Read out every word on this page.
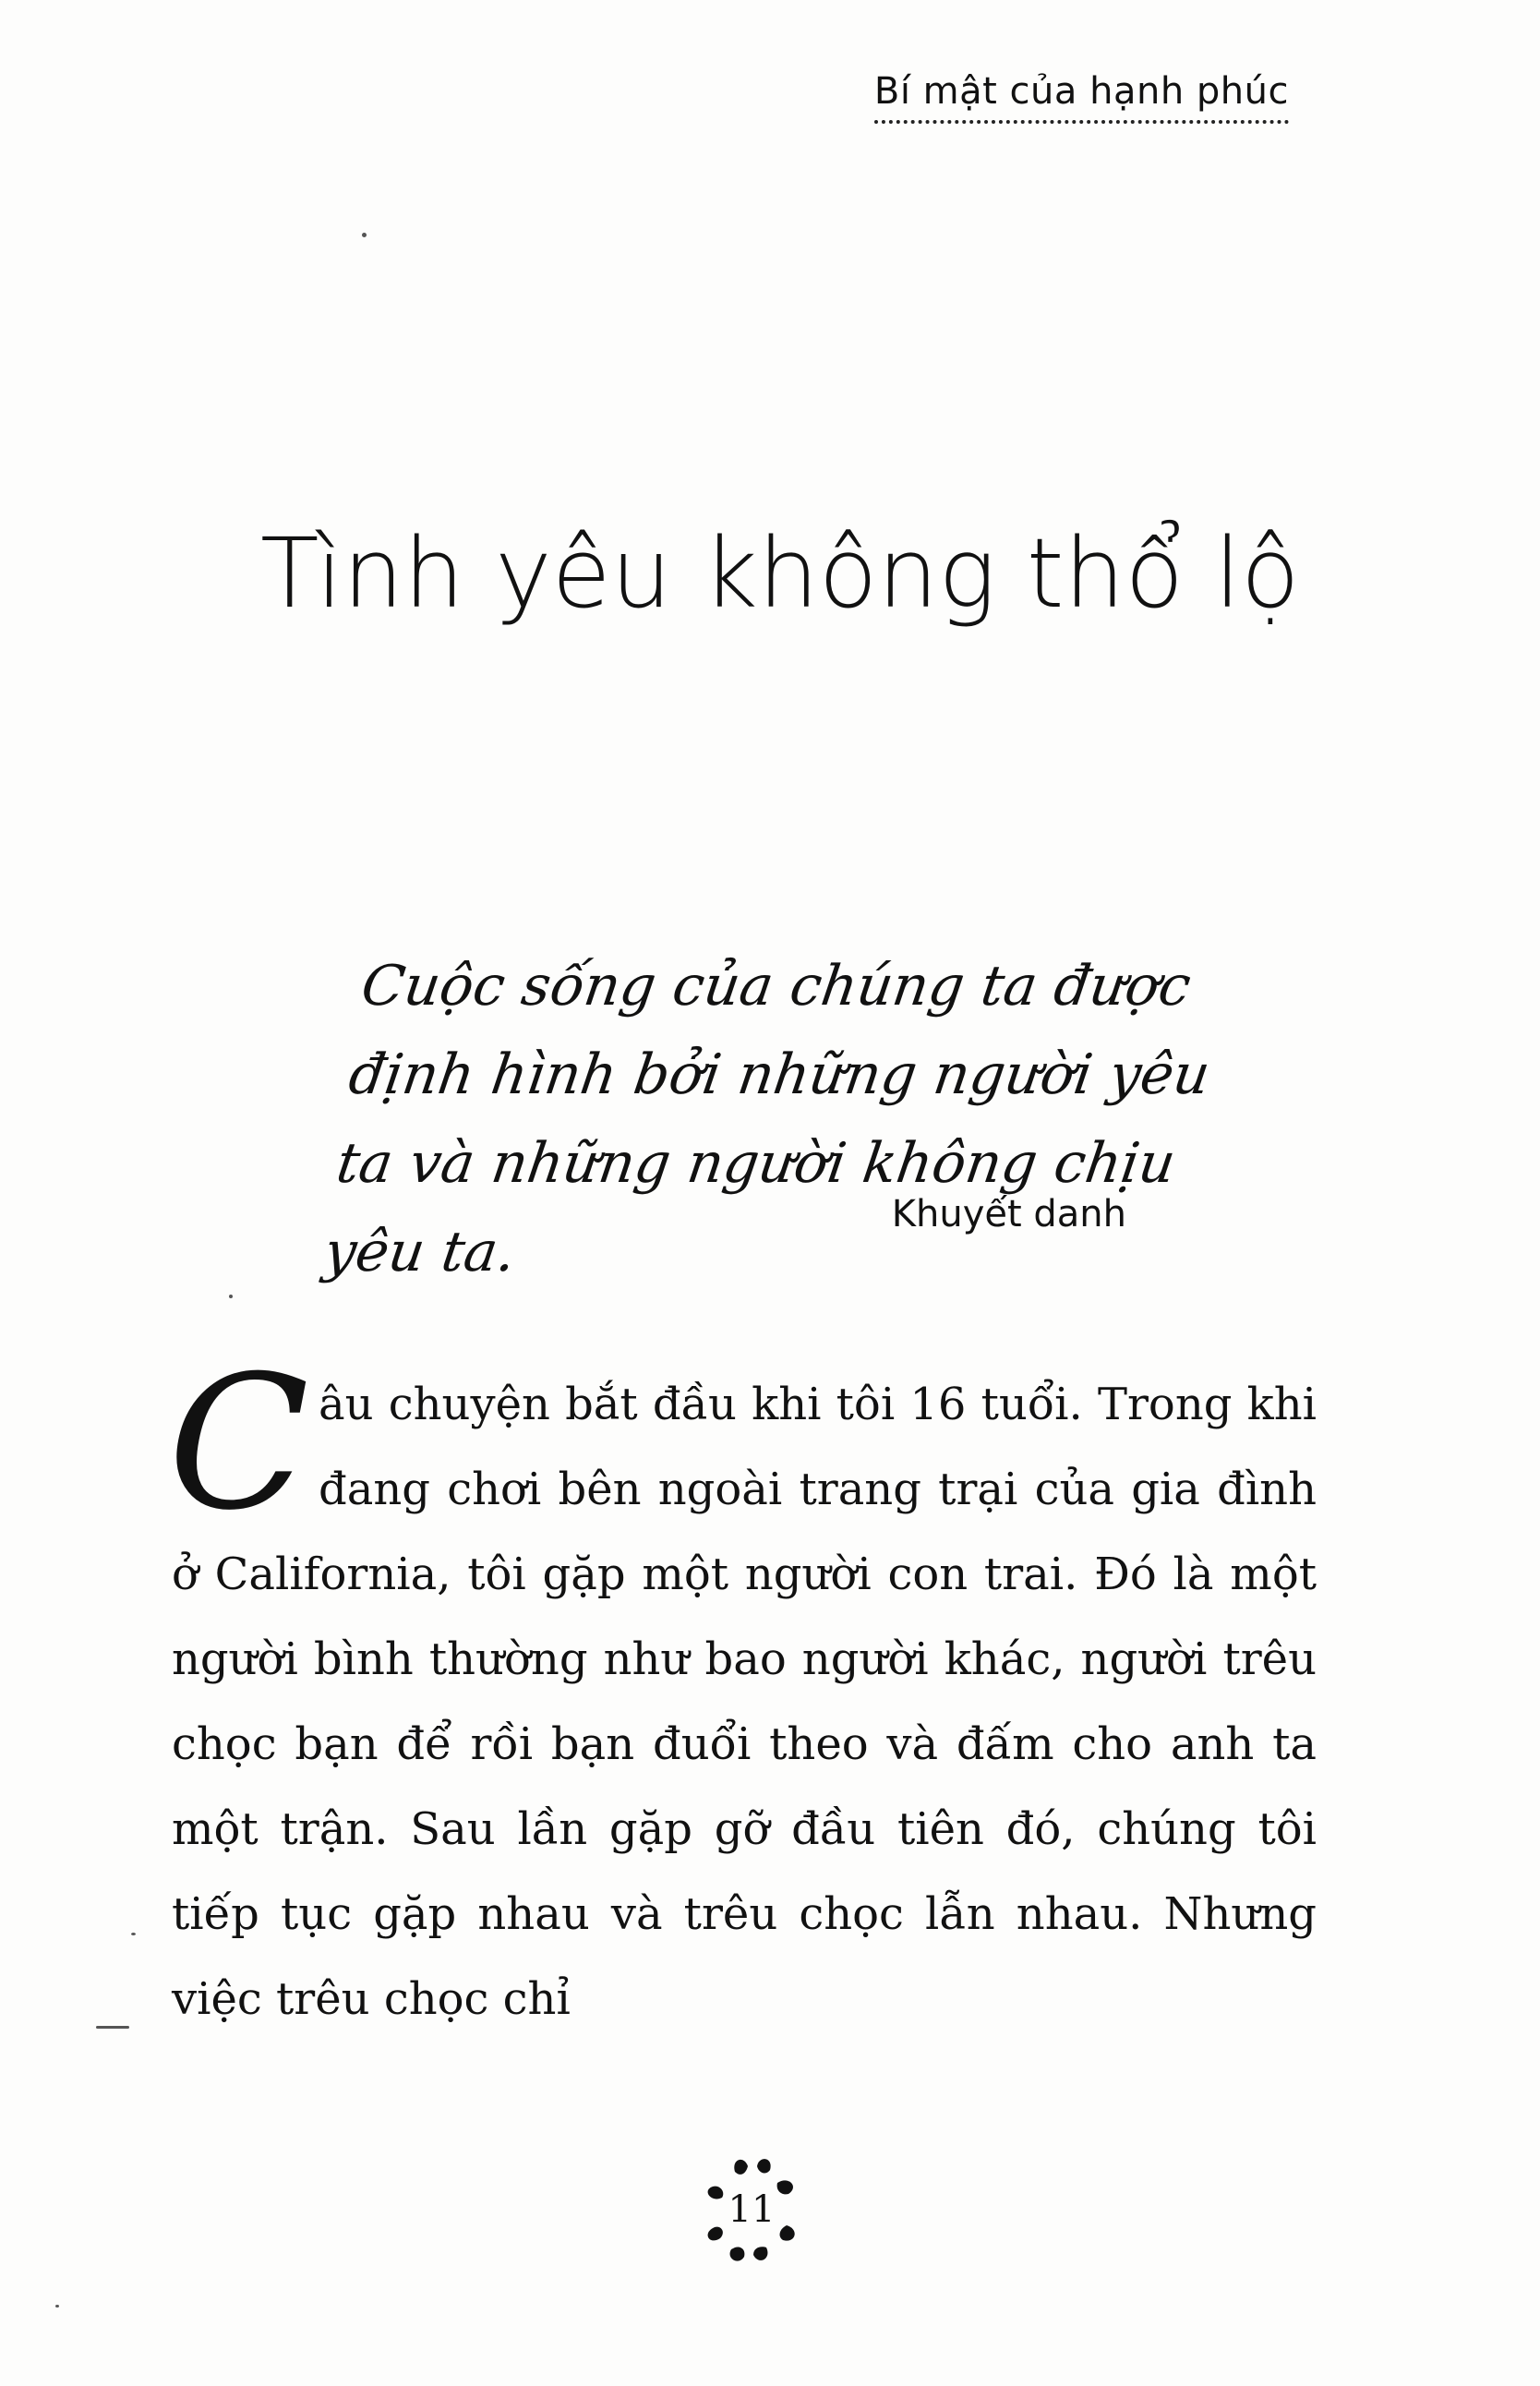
Bí mật của hạnh phúc
Tình yêu không thổ lộ
Cuộc sống của chúng ta được định hình bởi những người yêu ta và những người không chịu yêu ta.
Khuyết danh
C âu chuyện bắt đầu khi tôi 16 tuổi. Trong khi đang chơi bên ngoài trang trại của gia đình ở California, tôi gặp một người con trai. Đó là một người bình thường như bao người khác, người trêu chọc bạn để rồi bạn đuổi theo và đấm cho anh ta một trận. Sau lần gặp gỡ đầu tiên đó, chúng tôi tiếp tục gặp nhau và trêu chọc lẫn nhau. Nhưng việc trêu chọc chỉ
11
